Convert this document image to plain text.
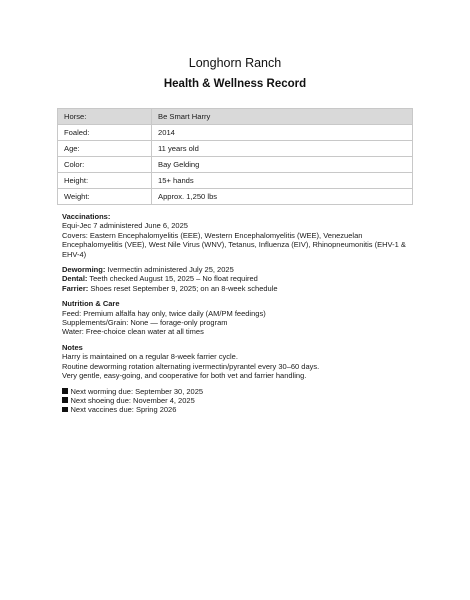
Longhorn Ranch
Health & Wellness Record
Horse:	Be Smart Harry
Foaled:	2014
Age:	11 years old
Color:	Bay Gelding
Height:	15+ hands
Weight:	Approx. 1,250 lbs

Vaccinations:

Equi-Jec 7 administered June 6, 2025

Covers: Eastern Encephalomyelitis (EEE), Western Encephalomyelitis (WEE), Venezuelan Encephalomyelitis (VEE), West Nile Virus (WNV), Tetanus, Influenza (EIV), Rhinopneumonitis (EHV-1 & EHV-4)

Deworming: Ivermectin administered July 25, 2025

Dental: Teeth checked August 15, 2025 – No float required

Farrier: Shoes reset September 9, 2025; on an 8-week schedule

Nutrition & Care

Feed: Premium alfalfa hay only, twice daily (AM/PM feedings)

Supplements/Grain: None — forage-only program

Water: Free-choice clean water at all times

Notes

Harry is maintained on a regular 8-week farrier cycle.

Routine deworming rotation alternating ivermectin/pyrantel every 30–60 days.

Very gentle, easy-going, and cooperative for both vet and farrier handling.

Next worming due: September 30, 2025

Next shoeing due: November 4, 2025

Next vaccines due: Spring 2026
